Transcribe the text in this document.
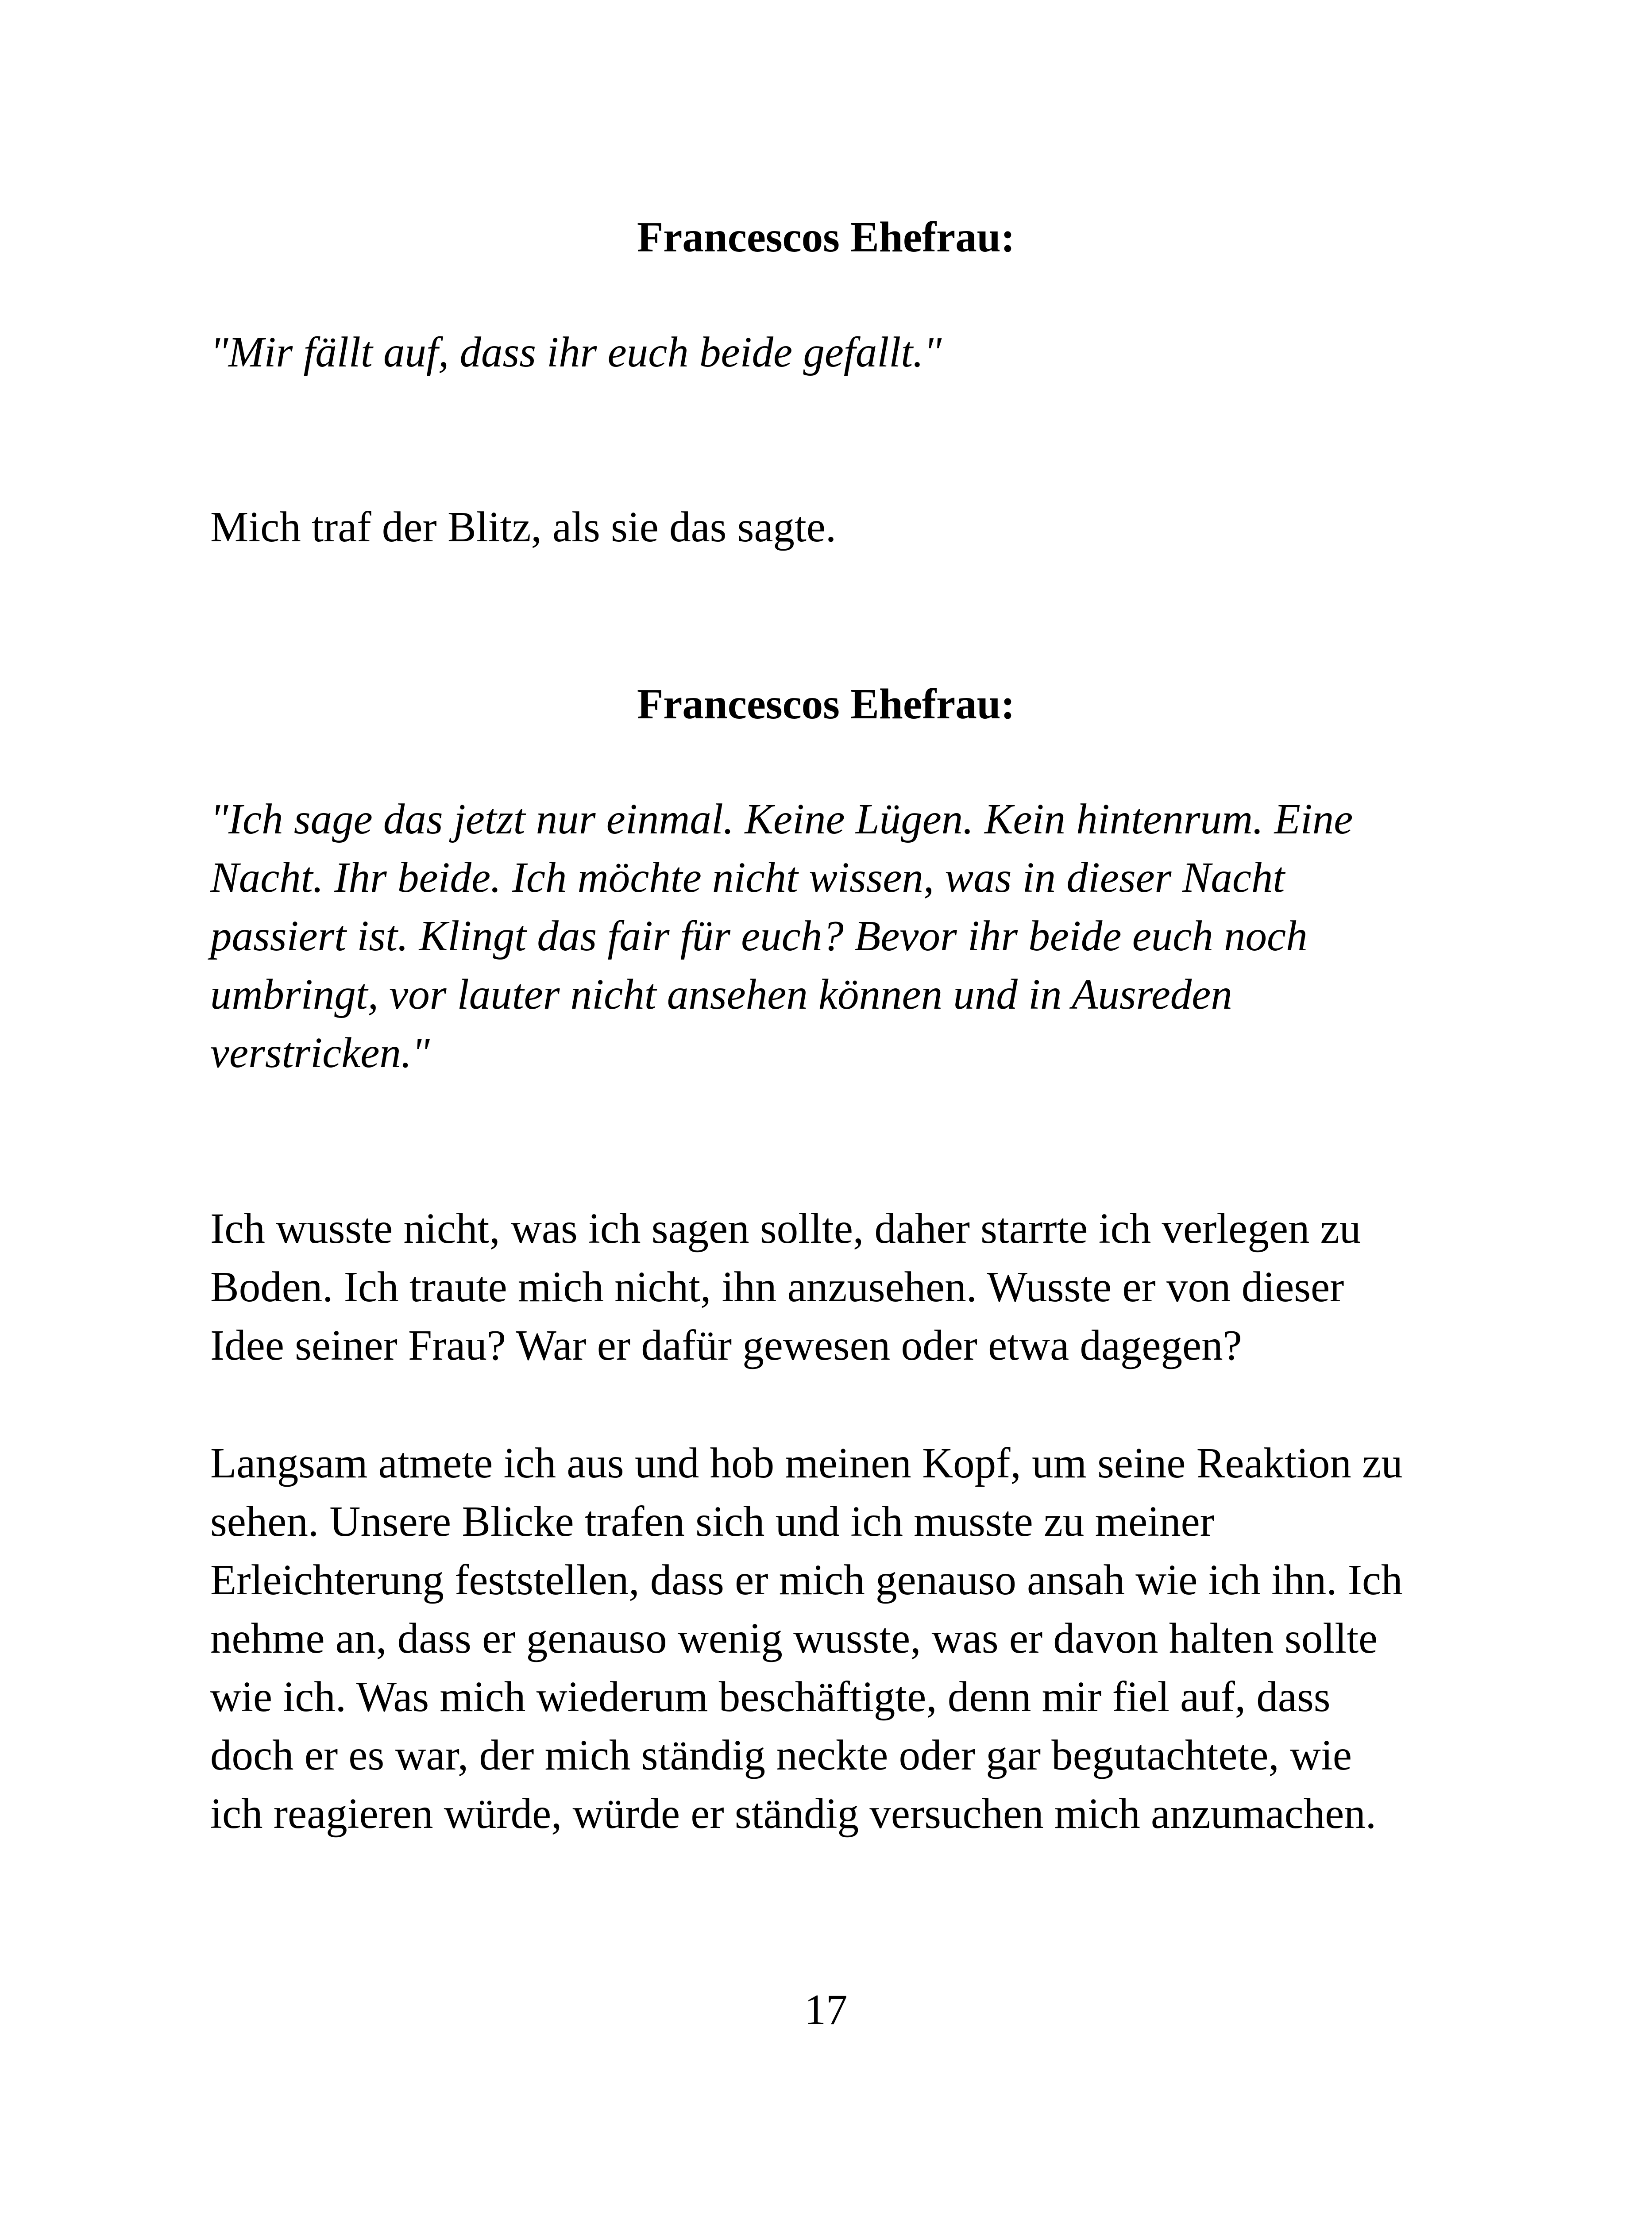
Francescos Ehefrau:

"Mir fällt auf, dass ihr euch beide gefallt."

Mich traf der Blitz, als sie das sagte.

Francescos Ehefrau:

"Ich sage das jetzt nur einmal. Keine Lügen. Kein hintenrum. Eine
Nacht. Ihr beide. Ich möchte nicht wissen, was in dieser Nacht
passiert ist. Klingt das fair für euch? Bevor ihr beide euch noch
umbringt, vor lauter nicht ansehen können und in Ausreden
verstricken."

Ich wusste nicht, was ich sagen sollte, daher starrte ich verlegen zu
Boden. Ich traute mich nicht, ihn anzusehen. Wusste er von dieser
Idee seiner Frau? War er dafür gewesen oder etwa dagegen?

Langsam atmete ich aus und hob meinen Kopf, um seine Reaktion zu
sehen. Unsere Blicke trafen sich und ich musste zu meiner
Erleichterung feststellen, dass er mich genauso ansah wie ich ihn. Ich
nehme an, dass er genauso wenig wusste, was er davon halten sollte
wie ich. Was mich wiederum beschäftigte, denn mir fiel auf, dass
doch er es war, der mich ständig neckte oder gar begutachtete, wie
ich reagieren würde, würde er ständig versuchen mich anzumachen.

17
